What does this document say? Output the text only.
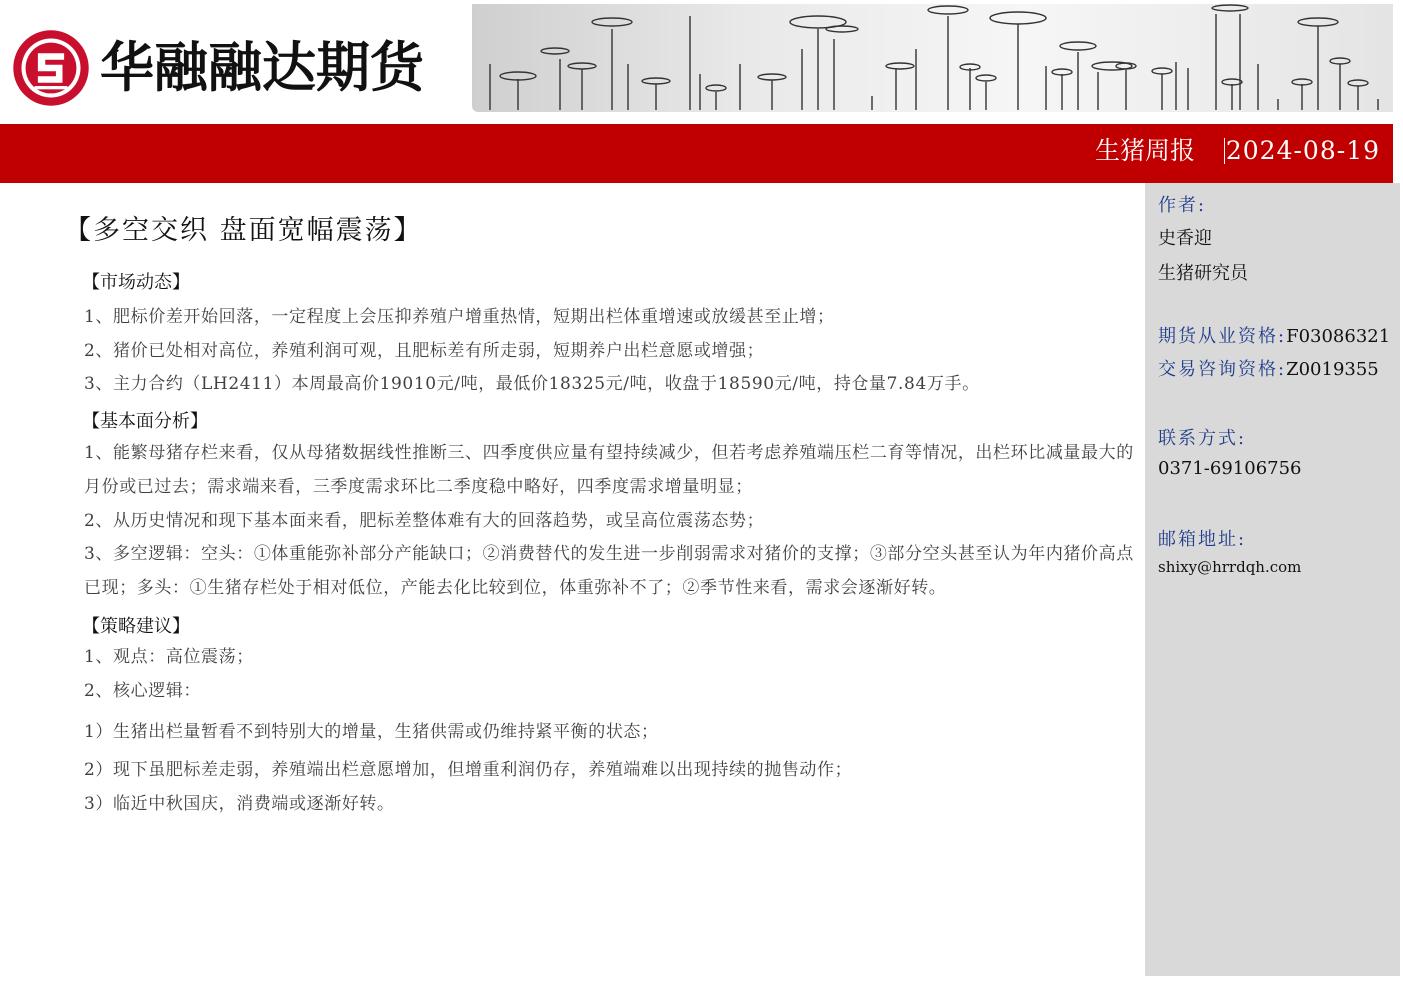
华融融达期货
生猪周报 2024-08-19
【多空交织 盘面宽幅震荡】
【市场动态】
1、肥标价差开始回落，一定程度上会压抑养殖户增重热情，短期出栏体重增速或放缓甚至止增；
2、猪价已处相对高位，养殖利润可观，且肥标差有所走弱，短期养户出栏意愿或增强；
3、主力合约（LH2411）本周最高价19010元/吨，最低价18325元/吨，收盘于18590元/吨，持仓量7.84万手。
【基本面分析】
1、能繁母猪存栏来看，仅从母猪数据线性推断三、四季度供应量有望持续减少，但若考虑养殖端压栏二育等情况，出栏环比减量最大的月份或已过去；需求端来看，三季度需求环比二季度稳中略好，四季度需求增量明显；
2、从历史情况和现下基本面来看，肥标差整体难有大的回落趋势，或呈高位震荡态势；
3、多空逻辑：空头：①体重能弥补部分产能缺口；②消费替代的发生进一步削弱需求对猪价的支撑；③部分空头甚至认为年内猪价高点已现；多头：①生猪存栏处于相对低位，产能去化比较到位，体重弥补不了；②季节性来看，需求会逐渐好转。
【策略建议】
1、观点：高位震荡；
2、核心逻辑：
1）生猪出栏量暂看不到特别大的增量，生猪供需或仍维持紧平衡的状态；
2）现下虽肥标差走弱，养殖端出栏意愿增加，但增重利润仍存，养殖端难以出现持续的抛售动作；
3）临近中秋国庆，消费端或逐渐好转。
作者:
史香迎
生猪研究员
期货从业资格:F03086321
交易咨询资格:Z0019355
联系方式:
0371-69106756
邮箱地址:
shixy@hrrdqh.com
